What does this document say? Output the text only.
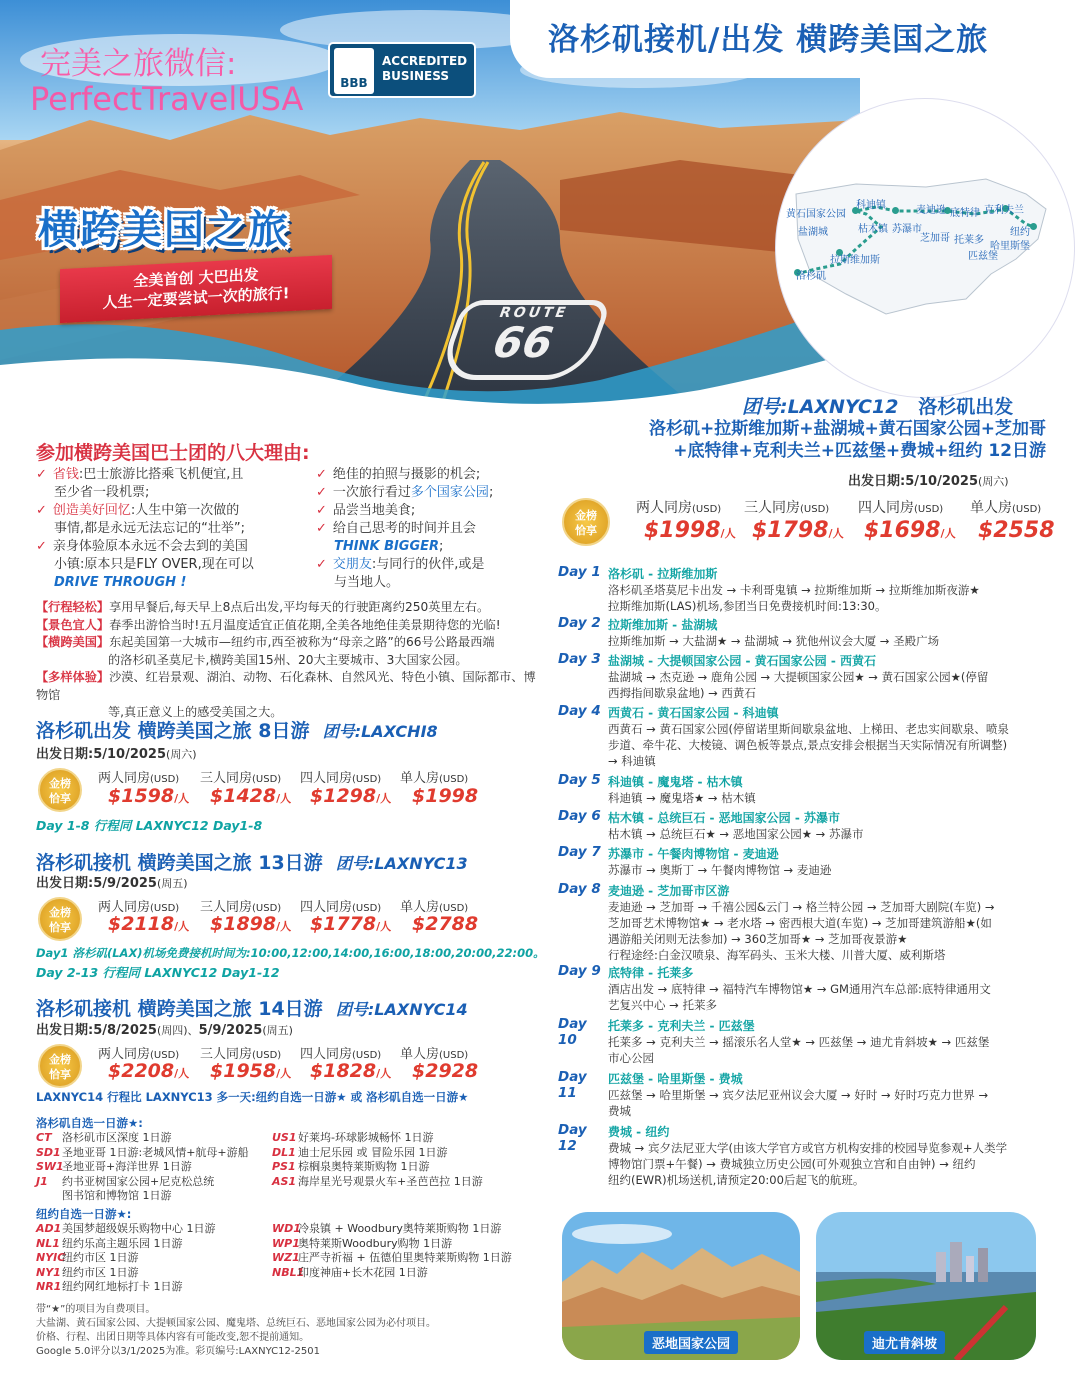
ROUTE
66
完美之旅微信:
PerfectTravelUSA	BBB
ACCREDITED
BUSINESS
横跨美国之旅
全美首创 大巴出发
人生一定要尝试一次的旅行!
洛杉矶接机/出发 横跨美国之旅
科迪镇
黄石国家公园
盐湖城	枯木镇 苏瀑市
麦迪逊 底特律 克利夫兰
芝加哥 托莱多
纽约
哈里斯堡
匹兹堡
拉斯维加斯
洛杉矶
参加横跨美国巴士团的八大理由:
✓ 省钱:巴士旅游比搭乘飞机便宜,且
至少省一段机票;
✓ 创造美好回忆:人生中第一次做的
事情,都是永远无法忘记的“壮举”;
✓ 亲身体验原本永远不会去到的美国
小镇:原本只是FLY OVER,现在可以
DRIVE THROUGH !
✓ 绝佳的拍照与摄影的机会;
✓ 一次旅行看过多个国家公园;
✓ 品尝当地美食;
✓ 给自己思考的时间并且会
THINK BIGGER;
✓ 交朋友:与同行的伙伴,或是
与当地人。
【行程轻松】享用早餐后,每天早上8点后出发,平均每天的行驶距离约250英里左右。
【景色宜人】春季出游恰当时!五月温度适宜正值花期,全美各地绝佳美景期待您的光临!
【横跨美国】东起美国第一大城市—纽约市,西至被称为“母亲之路”的66号公路最西端
的洛杉矶圣莫尼卡,横跨美国15州、20大主要城市、3大国家公园。
【多样体验】沙漠、红岩景观、湖泊、动物、石化森林、自然风光、特色小镇、国际都市、博物馆
等,真正意义上的感受美国之大。
洛杉矶出发 横跨美国之旅 8日游 团号:LAXCHI8
出发日期:5/10/2025(周六)
金榜
恰享
两人同房(USD) 三人同房(USD) 四人同房(USD) 单人房(USD)
$1598/人 $1428/人 $1298/人 $1998
Day 1-8 行程同 LAXNYC12 Day1-8
洛杉矶接机 横跨美国之旅 13日游 团号:LAXNYC13
出发日期:5/9/2025(周五)
金榜
恰享
两人同房(USD) 三人同房(USD) 四人同房(USD) 单人房(USD)
$2118/人 $1898/人 $1778/人 $2788
Day1 洛杉矶(LAX)机场免费接机时间为:10:00,12:00,14:00,16:00,18:00,20:00,22:00。
Day 2-13 行程同 LAXNYC12 Day1-12
洛杉矶接机 横跨美国之旅 14日游 团号:LAXNYC14
出发日期:5/8/2025(周四)、5/9/2025(周五)
金榜
恰享
两人同房(USD) 三人同房(USD) 四人同房(USD) 单人房(USD)
$2208/人 $1958/人 $1828/人 $2928
LAXNYC14 行程比 LAXNYC13 多一天:纽约自选一日游★ 或 洛杉矶自选一日游★
洛杉矶自选一日游★:
CT 洛杉矶市区深度 1日游
SD1圣地亚哥 1日游:老城风情+航母+游船
SW1圣地亚哥+海洋世界 1日游
J1 约书亚树国家公园+尼克松总统
图书馆和博物馆 1日游
US1好莱坞-环球影城畅怀 1日游
DL1 迪士尼乐园 或 冒险乐园 1日游
PS1 棕榈泉奥特莱斯购物 1日游
AS1 海岸星光号观景火车+圣芭芭拉 1日游
纽约自选一日游★:
AD1美国梦超级娱乐购物中心 1日游
NL1 纽约乐高主题乐园 1日游
NYIC纽约市区 1日游
NY1纽约市区 1日游
NR1纽约网红地标打卡 1日游
WD1冷泉镇 + Woodbury奥特莱斯购物 1日游
WP1奥特莱斯Woodbury购物 1日游
WZ1庄严寺祈福 + 伍德伯里奥特莱斯购物 1日游
NBL1印度神庙+长木花园 1日游
带“★”的项目为自费项目。
大盐湖、黄石国家公园、大提顿国家公园、魔鬼塔、总统巨石、恶地国家公园为必付项目。
价格、行程、出团日期等具体内容有可能改变,恕不提前通知。
Google 5.0评分以3/1/2025为准。彩页编号:LAXNYC12-2501
团号:LAXNYC12 洛杉矶出发
洛杉矶+拉斯维加斯+盐湖城+黄石国家公园+芝加哥
+底特律+克利夫兰+匹兹堡+费城+纽约 12日游
出发日期:5/10/2025(周六)
金榜
恰享
两人同房(USD) 三人同房(USD) 四人同房(USD) 单人房(USD)
$1998/人 $1798/人 $1698/人 $2558
Day 1 洛杉矶 - 拉斯维加斯
洛杉矶圣塔莫尼卡出发 → 卡利哥鬼镇 → 拉斯维加斯 → 拉斯维加斯夜游★
拉斯维加斯(LAS)机场,参团当日免费接机时间:13:30。
Day 2 拉斯维加斯 - 盐湖城
拉斯维加斯 → 大盐湖★ → 盐湖城 → 犹他州议会大厦 → 圣殿广场
Day 3 盐湖城 - 大提顿国家公园 - 黄石国家公园 - 西黄石
盐湖城 → 杰克逊 → 鹿角公园 → 大提顿国家公园★ → 黄石国家公园★(停留
西拇指间歇泉盆地) → 西黄石
Day 4 西黄石 - 黄石国家公园 - 科迪镇
西黄石 → 黄石国家公园(停留诺里斯间歇泉盆地、上梯田、老忠实间歇泉、喷泉
步道、牵牛花、大棱镜、调色板等景点,景点安排会根据当天实际情况有所调整)
→ 科迪镇
Day 5 科迪镇 - 魔鬼塔 - 枯木镇
科迪镇 → 魔鬼塔★ → 枯木镇
Day 6 枯木镇 - 总统巨石 - 恶地国家公园 - 苏瀑市
枯木镇 → 总统巨石★ → 恶地国家公园★ → 苏瀑市
Day 7 苏瀑市 - 午餐肉博物馆 - 麦迪逊
苏瀑市 → 奥斯丁 → 午餐肉博物馆 → 麦迪逊
Day 8 麦迪逊 - 芝加哥市区游
麦迪逊 → 芝加哥 → 千禧公园&云门 → 格兰特公园 → 芝加哥大剧院(车览) →
芝加哥艺术博物馆★ → 老水塔 → 密西根大道(车览) → 芝加哥建筑游船★(如
遇游船关闭则无法参加) → 360芝加哥★ → 芝加哥夜景游★
行程途经:白金汉喷泉、海军码头、玉米大楼、川普大厦、威利斯塔
Day 9 底特律 - 托莱多
酒店出发 → 底特律 → 福特汽车博物馆★ → GM通用汽车总部:底特律通用文
艺复兴中心 → 托莱多
Day 10
托莱多 - 克利夫兰 - 匹兹堡
托莱多 → 克利夫兰 → 摇滚乐名人堂★ → 匹兹堡 → 迪尤肯斜坡★ → 匹兹堡
市心公园
Day 11
匹兹堡 - 哈里斯堡 - 费城
匹兹堡 → 哈里斯堡 → 宾夕法尼亚州议会大厦 → 好时 → 好时巧克力世界 →
费城
Day 12
费城 - 纽约
费城 → 宾夕法尼亚大学(由该大学官方或官方机构安排的校园导览参观+人类学
博物馆门票+午餐) → 费城独立历史公园(可外观独立宫和自由钟) → 纽约
纽约(EWR)机场送机,请预定20:00后起飞的航班。
恶地国家公园	迪尤肯斜坡
